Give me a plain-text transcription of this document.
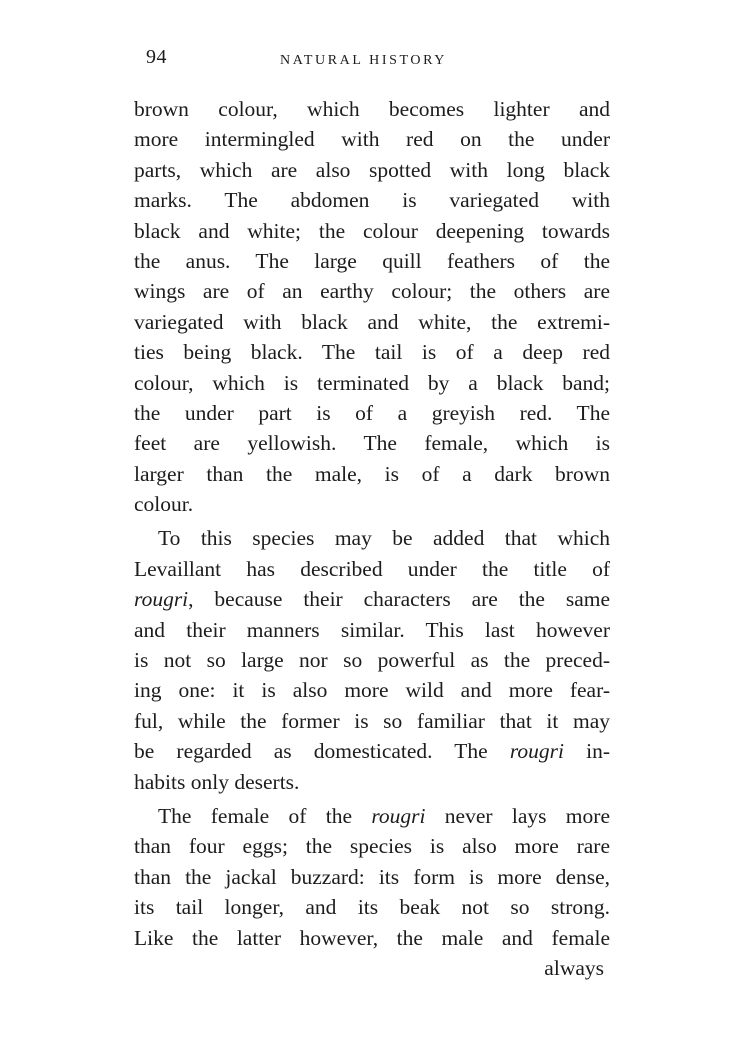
94	NATURAL HISTORY
brown colour, which becomes lighter and
more intermingled with red on the under
parts, which are also spotted with long black
marks. The abdomen is variegated with
black and white; the colour deepening towards
the anus. The large quill feathers of the
wings are of an earthy colour; the others are
variegated with black and white, the extremi-
ties being black. The tail is of a deep red
colour, which is terminated by a black band;
the under part is of a greyish red. The
feet are yellowish. The female, which is
larger than the male, is of a dark brown
colour.
To this species may be added that which
Levaillant has described under the title of
rougri, because their characters are the same
and their manners similar. This last however
is not so large nor so powerful as the preced-
ing one: it is also more wild and more fear-
ful, while the former is so familiar that it may
be regarded as domesticated. The rougri in-
habits only deserts.
The female of the rougri never lays more
than four eggs; the species is also more rare
than the jackal buzzard: its form is more dense,
its tail longer, and its beak not so strong.
Like the latter however, the male and female
always
